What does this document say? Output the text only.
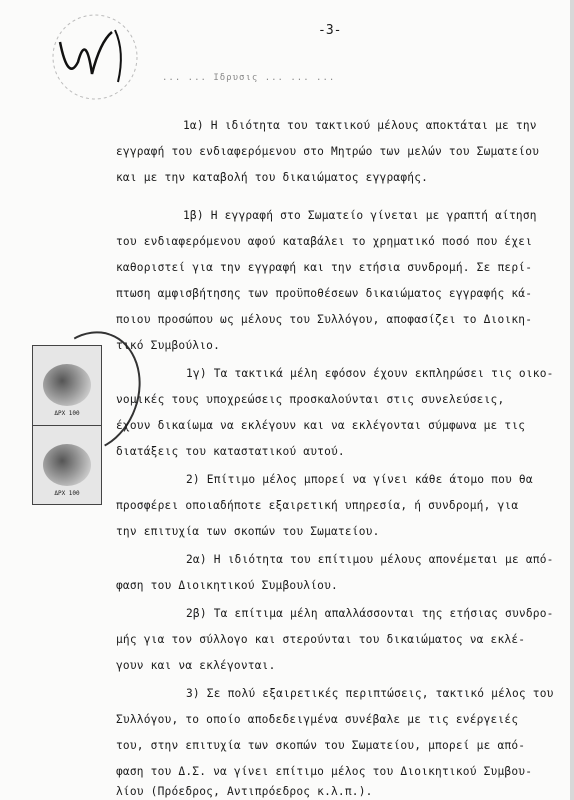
-3-
... ... Ιδρυσις ... ... ...
ΔΡΧ 100
ΔΡΧ 100
1α) Η ιδιότητα του τακτικού μέλους αποκτάται με την
εγγραφή του ενδιαφερόμενου στο Μητρώο των μελών του Σωματείου
και με την καταβολή του δικαιώματος εγγραφής.
1β) Η εγγραφή στο Σωματείο γίνεται με γραπτή αίτηση
του ενδιαφερόμενου αφού καταβάλει το χρηματικό ποσό που έχει
καθοριστεί για την εγγραφή και την ετήσια συνδρομή. Σε περί-
πτωση αμφισβήτησης των προϋποθέσεων δικαιώματος εγγραφής κά-
ποιου προσώπου ως μέλους του Συλλόγου, αποφασίζει το Διοικη-
τικό Συμβούλιο.
1γ) Τα τακτικά μέλη εφόσον έχουν εκπληρώσει τις οικο-
νομικές τους υποχρεώσεις προσκαλούνται στις συνελεύσεις,
έχουν δικαίωμα να εκλέγουν και να εκλέγονται σύμφωνα με τις
διατάξεις του καταστατικού αυτού.
2) Επίτιμο μέλος μπορεί να γίνει κάθε άτομο που θα
προσφέρει οποιαδήποτε εξαιρετική υπηρεσία, ή συνδρομή, για
την επιτυχία των σκοπών του Σωματείου.
2α) Η ιδιότητα του επίτιμου μέλους απονέμεται με από-
φαση του Διοικητικού Συμβουλίου.
2β) Τα επίτιμα μέλη απαλλάσσονται της ετήσιας συνδρο-
μής για τον σύλλογο και στερούνται του δικαιώματος να εκλέ-
γουν και να εκλέγονται.
3) Σε πολύ εξαιρετικές περιπτώσεις, τακτικό μέλος του
Συλλόγου, το οποίο αποδεδειγμένα συνέβαλε με τις ενέργειές
του, στην επιτυχία των σκοπών του Σωματείου, μπορεί με από-
φαση του Δ.Σ. να γίνει επίτιμο μέλος του Διοικητικού Συμβου-
λίου (Πρόεδρος, Αντιπρόεδρος κ.λ.π.).
